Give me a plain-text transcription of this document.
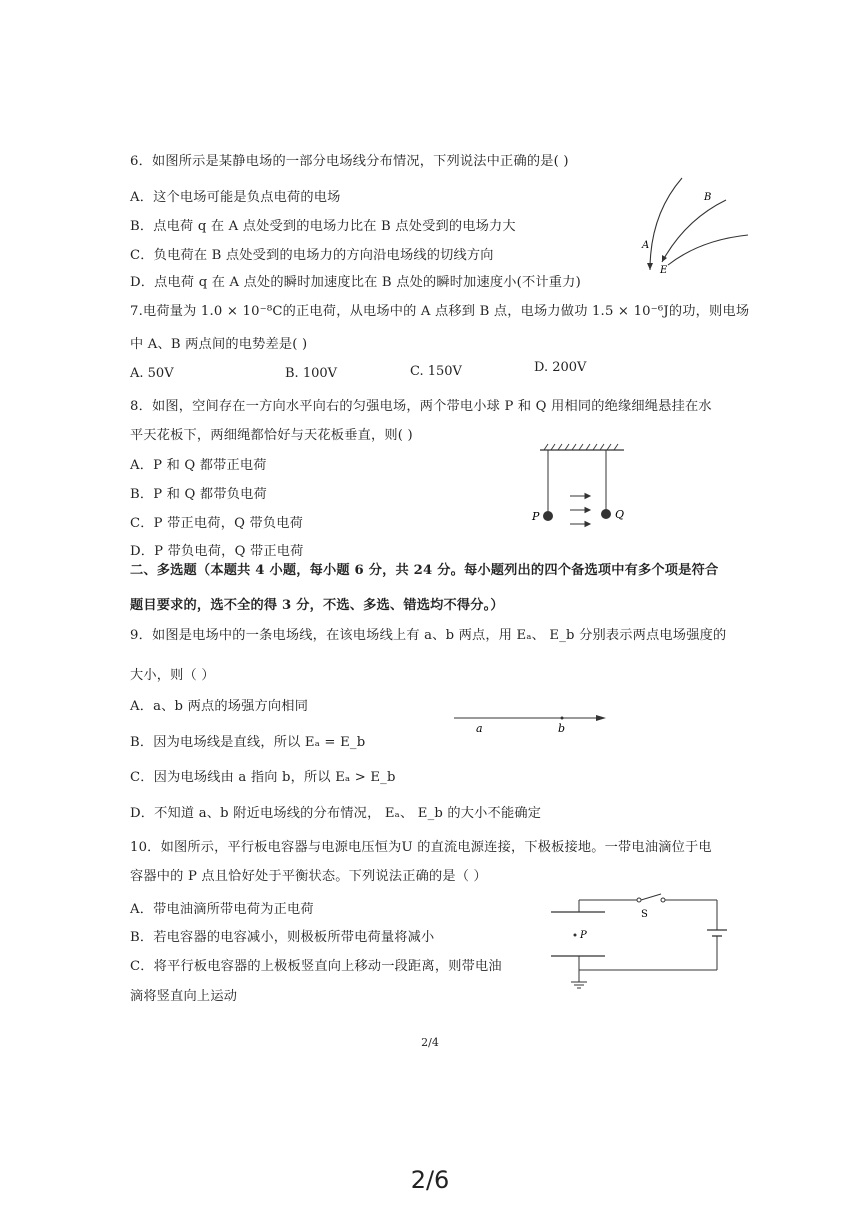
6．如图所示是某静电场的一部分电场线分布情况，下列说法中正确的是( )
A．这个电场可能是负点电荷的电场
B．点电荷 q 在 A 点处受到的电场力比在 B 点处受到的电场力大
C．负电荷在 B 点处受到的电场力的方向沿电场线的切线方向
D．点电荷 q 在 A 点处的瞬时加速度比在 B 点处的瞬时加速度小(不计重力)
A
B
E
7.电荷量为 1.0 × 10⁻⁸C的正电荷，从电场中的 A 点移到 B 点，电场力做功 1.5 × 10⁻⁶J的功，则电场
中 A、B 两点间的电势差是( )
A. 50V	B. 100V	C. 150V	D. 200V
8．如图，空间存在一方向水平向右的匀强电场，两个带电小球 P 和 Q 用相同的绝缘细绳悬挂在水
平天花板下，两细绳都恰好与天花板垂直，则( )
A．P 和 Q 都带正电荷
B．P 和 Q 都带负电荷
C．P 带正电荷，Q 带负电荷
D．P 带负电荷，Q 带正电荷
P	Q
二、多选题（本题共 4 小题，每小题 6 分，共 24 分。每小题列出的四个备选项中有多个项是符合
题目要求的，选不全的得 3 分，不选、多选、错选均不得分。）
9．如图是电场中的一条电场线，在该电场线上有 a、b 两点，用 Eₐ、 E_b 分别表示两点电场强度的
大小，则（ ）
A．a、b 两点的场强方向相同
B．因为电场线是直线，所以 Eₐ = E_b
C．因为电场线由 a 指向 b，所以 Eₐ > E_b
D．不知道 a、b 附近电场线的分布情况， Eₐ、 E_b 的大小不能确定
a	b
10．如图所示，平行板电容器与电源电压恒为U 的直流电源连接，下极板接地。一带电油滴位于电
容器中的 P 点且恰好处于平衡状态。下列说法正确的是（ ）
A．带电油滴所带电荷为正电荷
B．若电容器的电容减小，则极板所带电荷量将减小
C．将平行板电容器的上极板竖直向上移动一段距离，则带电油
滴将竖直向上运动
P
S
2/4
2/6
